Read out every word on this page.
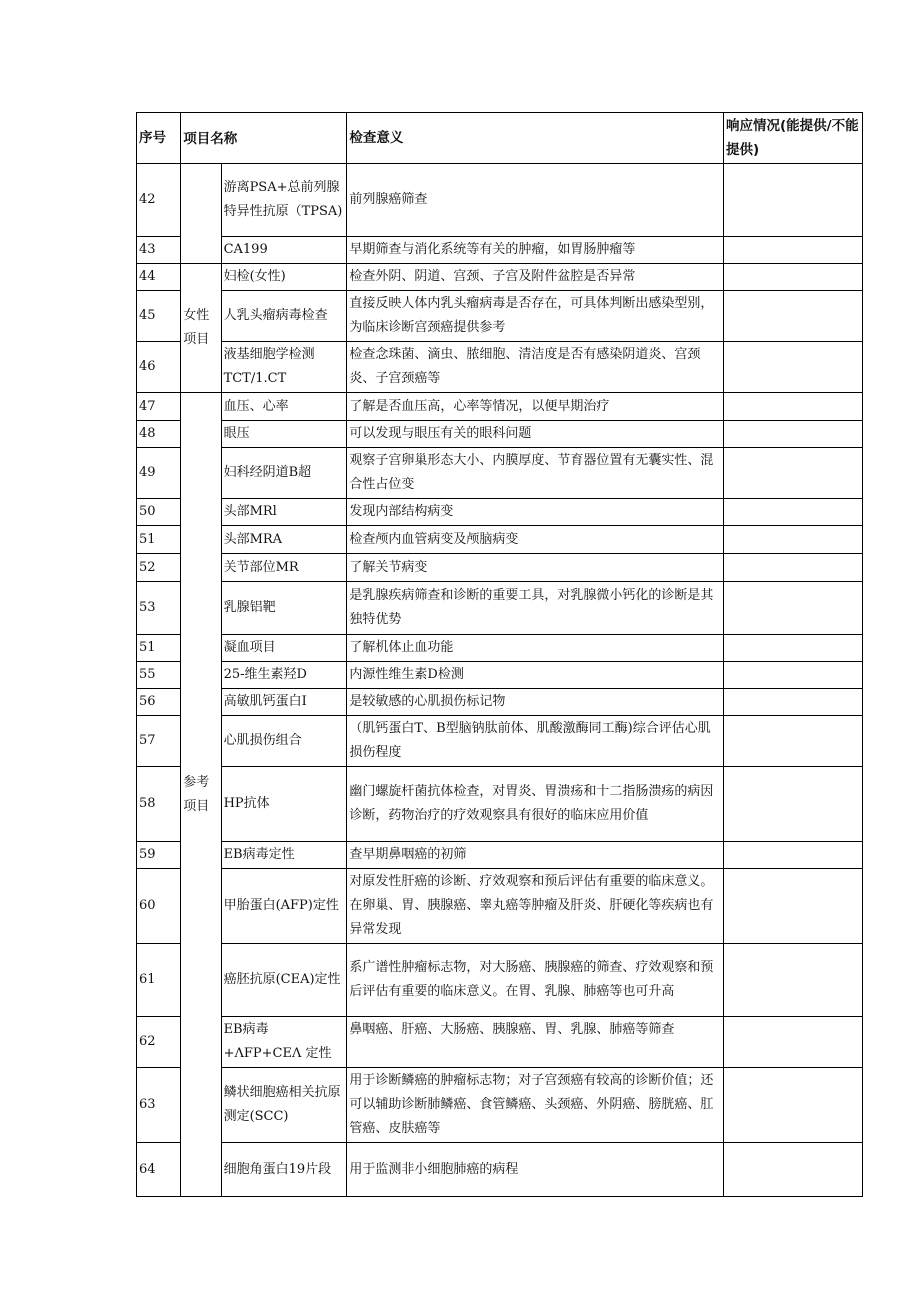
序号	项目名称		检查意义	响应情况(能提供/不能提供)
42		游离PSA+总前列腺特异性抗原（TPSA)	前列腺癌筛查	
43		CA199	早期筛查与消化系统等有关的肿瘤，如胃肠肿瘤等	
44	女性项目	妇检(女性)	检查外阴、阴道、宫颈、子宫及附件盆腔是否异常	
45		人乳头瘤病毒检查	直接反映人体内乳头瘤病毒是否存在，可具体判断出感染型别，为临床诊断宫颈癌提供参考	
46		液基细胞学检测TCT/1.CT	检查念珠菌、滴虫、脓细胞、清洁度是否有感染阴道炎、宫颈炎、子宫颈癌等	
47	参考项目	血压、心率	了解是否血压高，心率等情况，以便早期治疗	
48		眼压	可以发现与眼压有关的眼科问题	
49		妇科经阴道B超	观察子宫卵巢形态大小、内膜厚度、节育器位置有无囊实性、混合性占位变	
50		头部MRl	发现内部结构病变	
51		头部MRA	检查颅内血管病变及颅脑病变	
52		关节部位MR	了解关节病变	
53		乳腺铝靶	是乳腺疾病筛查和诊断的重要工具，对乳腺微小钙化的诊断是其独特优势	
51		凝血项目	了解机体止血功能	
55		25-维生素羟D	内源性维生素D检测	
56		高敏肌钙蛋白I	是较敏感的心肌损伤标记物	
57		心肌损伤组合	（肌钙蛋白T、B型脑钠肽前体、肌酸激酶同工酶)综合评估心肌损伤程度	
58		HP抗体	幽门螺旋杆菌抗体检查，对胃炎、胃溃疡和十二指肠溃疡的病因诊断，药物治疗的疗效观察具有很好的临床应用价值	
59		EB病毒定性	查早期鼻咽癌的初筛	
60		甲胎蛋白(AFP)定性	对原发性肝癌的诊断、疗效观察和预后评估有重要的临床意义。在卵巢、胃、胰腺癌、睾丸癌等肿瘤及肝炎、肝硬化等疾病也有异常发现	
61		癌胚抗原(CEA)定性	系广谱性肿瘤标志物，对大肠癌、胰腺癌的筛查、疗效观察和预后评估有重要的临床意义。在胃、乳腺、肺癌等也可升高	
62		EB病毒+ΛFP+CEΛ 定性	鼻咽癌、肝癌、大肠癌、胰腺癌、胃、乳腺、肺癌等筛查	
63		鳞状细胞癌相关抗原测定(SCC)	用于诊断鳞癌的肿瘤标志物；对子宫颈癌有较高的诊断价值；还可以辅助诊断肺鳞癌、食管鳞癌、头颈癌、外阴癌、膀胱癌、肛管癌、皮肤癌等	
64		细胞角蛋白19片段	用于监测非小细胞肺癌的病程	
